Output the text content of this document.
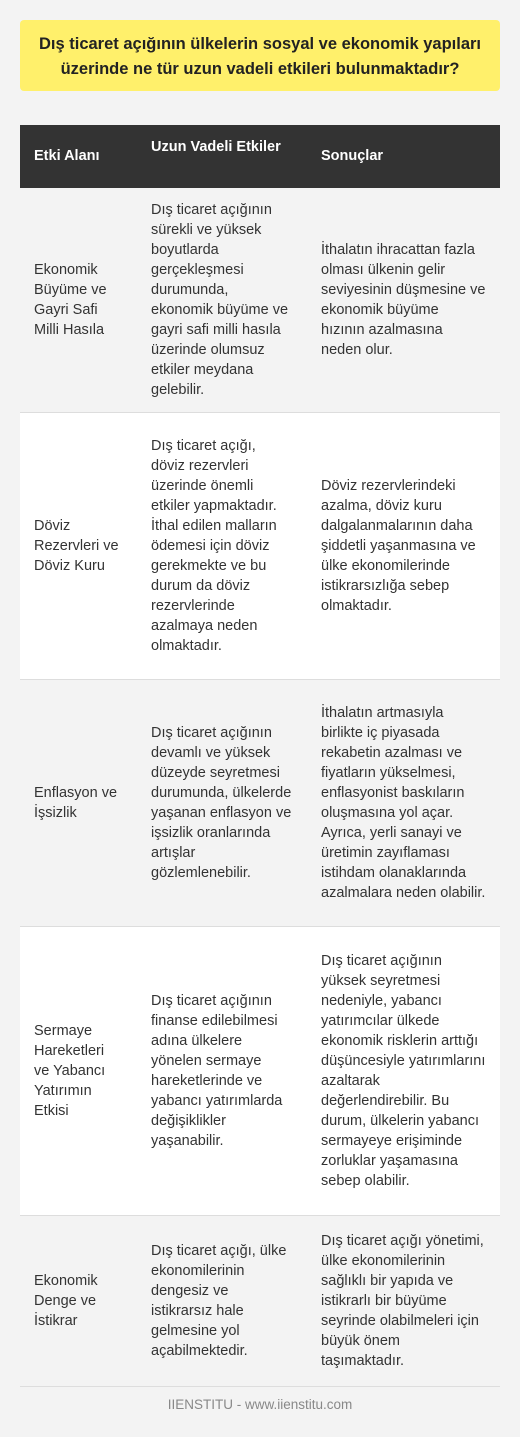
Dış ticaret açığının ülkelerin sosyal ve ekonomik yapıları üzerinde ne tür uzun vadeli etkileri bulunmaktadır?
Etki Alanı
Uzun Vadeli Etkiler
Sonuçlar
Ekonomik Büyüme ve Gayri Safi Milli Hasıla
Dış ticaret açığının sürekli ve yüksek boyutlarda gerçekleşmesi durumunda, ekonomik büyüme ve gayri safi milli hasıla üzerinde olumsuz etkiler meydana gelebilir.
İthalatın ihracattan fazla olması ülkenin gelir seviyesinin düşmesine ve ekonomik büyüme hızının azalmasına neden olur.
Döviz Rezervleri ve Döviz Kuru
Dış ticaret açığı, döviz rezervleri üzerinde önemli etkiler yapmaktadır. İthal edilen malların ödemesi için döviz gerekmekte ve bu durum da döviz rezervlerinde azalmaya neden olmaktadır.
Döviz rezervlerindeki azalma, döviz kuru dalgalanmalarının daha şiddetli yaşanmasına ve ülke ekonomilerinde istikrarsızlığa sebep olmaktadır.
Enflasyon ve İşsizlik
Dış ticaret açığının devamlı ve yüksek düzeyde seyretmesi durumunda, ülkelerde yaşanan enflasyon ve işsizlik oranlarında artışlar gözlemlenebilir.
İthalatın artmasıyla birlikte iç piyasada rekabetin azalması ve fiyatların yükselmesi, enflasyonist baskıların oluşmasına yol açar. Ayrıca, yerli sanayi ve üretimin zayıflaması istihdam olanaklarında azalmalara neden olabilir.
Sermaye Hareketleri ve Yabancı Yatırımın Etkisi
Dış ticaret açığının finanse edilebilmesi adına ülkelere yönelen sermaye hareketlerinde ve yabancı yatırımlarda değişiklikler yaşanabilir.
Dış ticaret açığının yüksek seyretmesi nedeniyle, yabancı yatırımcılar ülkede ekonomik risklerin arttığı düşüncesiyle yatırımlarını azaltarak değerlendirebilir. Bu durum, ülkelerin yabancı sermayeye erişiminde zorluklar yaşamasına sebep olabilir.
Ekonomik Denge ve İstikrar
Dış ticaret açığı, ülke ekonomilerinin dengesiz ve istikrarsız hale gelmesine yol açabilmektedir.
Dış ticaret açığı yönetimi, ülke ekonomilerinin sağlıklı bir yapıda ve istikrarlı bir büyüme seyrinde olabilmeleri için büyük önem taşımaktadır.
IIENSTITU - www.iienstitu.com
